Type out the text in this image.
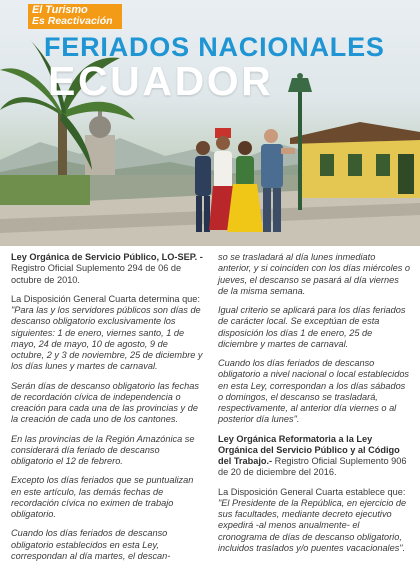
El Turismo
Es Reactivación
FERIADOS NACIONALES
ECUADOR

Ley Orgánica de Servicio Público, LO-SEP. - Registro Oficial Suplemento 294 de 06 de octubre de 2010.

La Disposición General Cuarta determina que: "Para las y los servidores públicos son días de descanso obligatorio exclusivamente los siguientes: 1 de enero, viernes santo, 1 de mayo, 24 de mayo, 10 de agosto, 9 de octubre, 2 y 3 de noviembre, 25 de diciembre y los días lunes y martes de carnaval.

Serán días de descanso obligatorio las fechas de recordación cívica de independencia o creación para cada una de las provincias y de la creación de cada uno de los cantones.

En las provincias de la Región Amazónica se considerará día feriado de descanso obligatorio el 12 de febrero.

Excepto los días feriados que se puntualizan en este artículo, las demás fechas de recordación cívica no eximen de trabajo obligatorio.

Cuando los días feriados de descanso obligatorio establecidos en esta Ley, correspondan al día martes, el descan-

so se trasladará al día lunes inmediato anterior, y si coinciden con los días miércoles o jueves, el descanso se pasará al día viernes de la misma semana.

Igual criterio se aplicará para los días feriados de carácter local. Se exceptúan de esta disposición los días 1 de enero, 25 de diciembre y martes de carnaval.

Cuando los días feriados de descanso obligatorio a nivel nacional o local establecidos en esta Ley, correspondan a los días sábados o domingos, el descanso se trasladará, respectivamente, al anterior día viernes o al posterior día lunes".

Ley Orgánica Reformatoria a la Ley Orgánica del Servicio Público y al Código del Trabajo.- Registro Oficial Suplemento 906 de 20 de diciembre del 2016.

La Disposición General Cuarta establece que: "El Presidente de la República, en ejercicio de sus facultades, mediante decreto ejecutivo expedirá -al menos anualmente- el cronograma de días de descanso obligatorio, incluidos traslados y/o puentes vacacionales".
